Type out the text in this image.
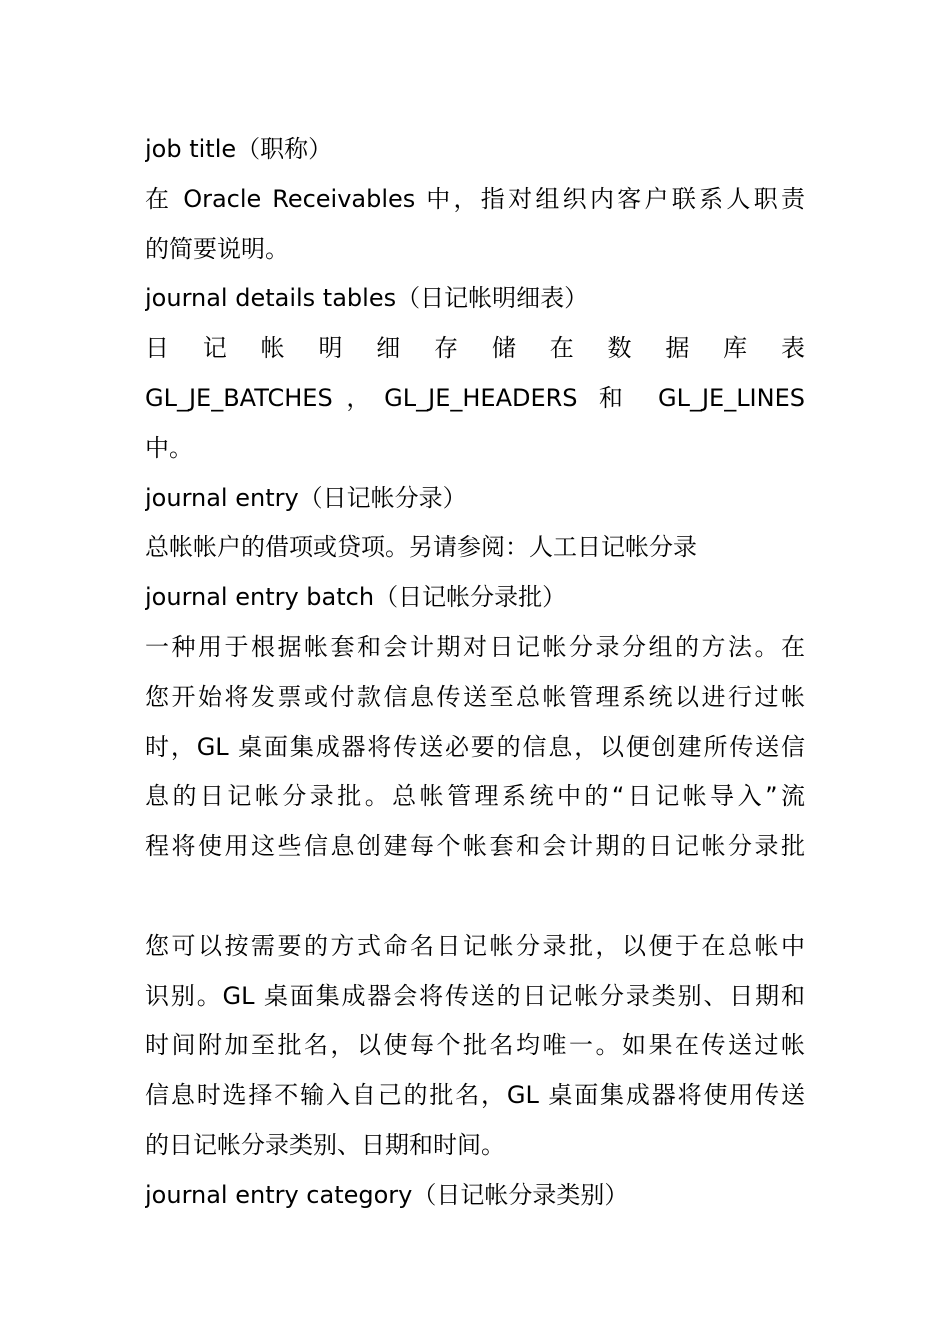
job title（职称）
在 Oracle Receivables 中，指对组织内客户联系人职责
的简要说明。
journal details tables（日记帐明细表）
日 记 帐 明 细 存 储 在 数 据 库 表
GL_JE_BATCHES，GL_JE_HEADERS 和 GL_JE_LINES
中。
journal entry（日记帐分录）
总帐帐户的借项或贷项。另请参阅：人工日记帐分录
journal entry batch（日记帐分录批）
一种用于根据帐套和会计期对日记帐分录分组的方法。在
您开始将发票或付款信息传送至总帐管理系统以进行过帐
时，GL 桌面集成器将传送必要的信息，以便创建所传送信
息的日记帐分录批。总帐管理系统中的“日记帐导入”流
程将使用这些信息创建每个帐套和会计期的日记帐分录批
您可以按需要的方式命名日记帐分录批，以便于在总帐中
识别。GL 桌面集成器会将传送的日记帐分录类别、日期和
时间附加至批名，以使每个批名均唯一。如果在传送过帐
信息时选择不输入自己的批名，GL 桌面集成器将使用传送
的日记帐分录类别、日期和时间。
journal entry category（日记帐分录类别）
